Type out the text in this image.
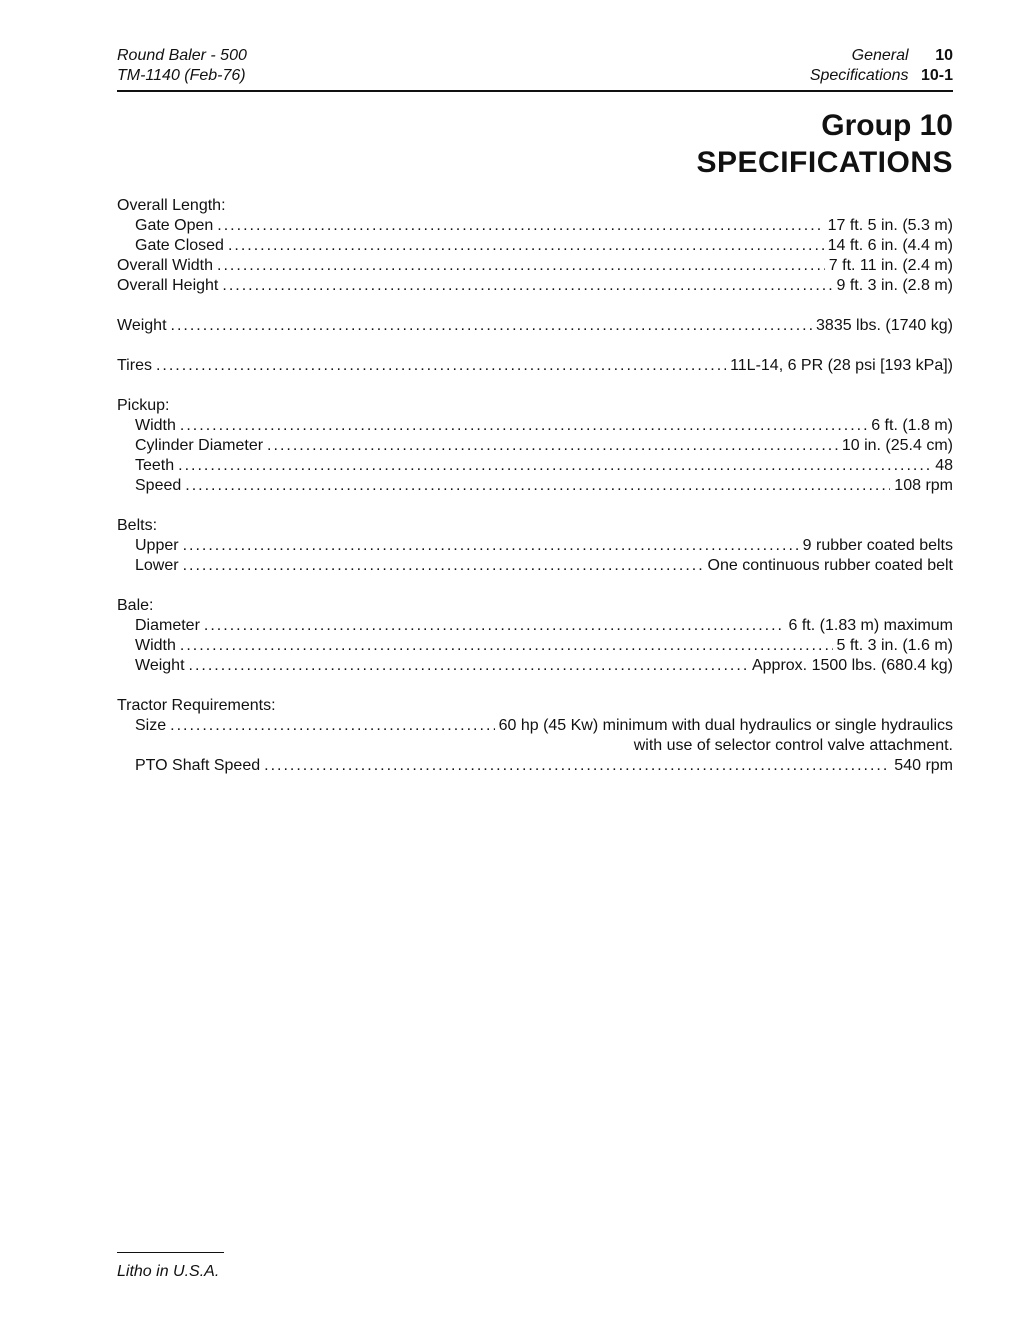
Round Baler - 500
TM-1140 (Feb-76)
General 10
Specifications 10-1
Group 10
SPECIFICATIONS
Overall Length:
Gate Open .....	17 ft. 5 in. (5.3 m)
Gate Closed .....	14 ft. 6 in. (4.4 m)
Overall Width .....	7 ft. 11 in. (2.4 m)
Overall Height .....	9 ft. 3 in. (2.8 m)
Weight .....	3835 lbs. (1740 kg)
Tires .....	11L-14, 6 PR (28 psi [193 kPa])
Pickup:
Width .....	6 ft. (1.8 m)
Cylinder Diameter .....	10 in. (25.4 cm)
Teeth .....	48
Speed .....	108 rpm
Belts:
Upper .....	9 rubber coated belts
Lower .....	One continuous rubber coated belt
Bale:
Diameter .....	6 ft. (1.83 m) maximum
Width .....	5 ft. 3 in. (1.6 m)
Weight .....	Approx. 1500 lbs. (680.4 kg)
Tractor Requirements:
Size .....	60 hp (45 Kw) minimum with dual hydraulics or single hydraulics
with use of selector control valve attachment.
PTO Shaft Speed .....	540 rpm
Litho in U.S.A.
